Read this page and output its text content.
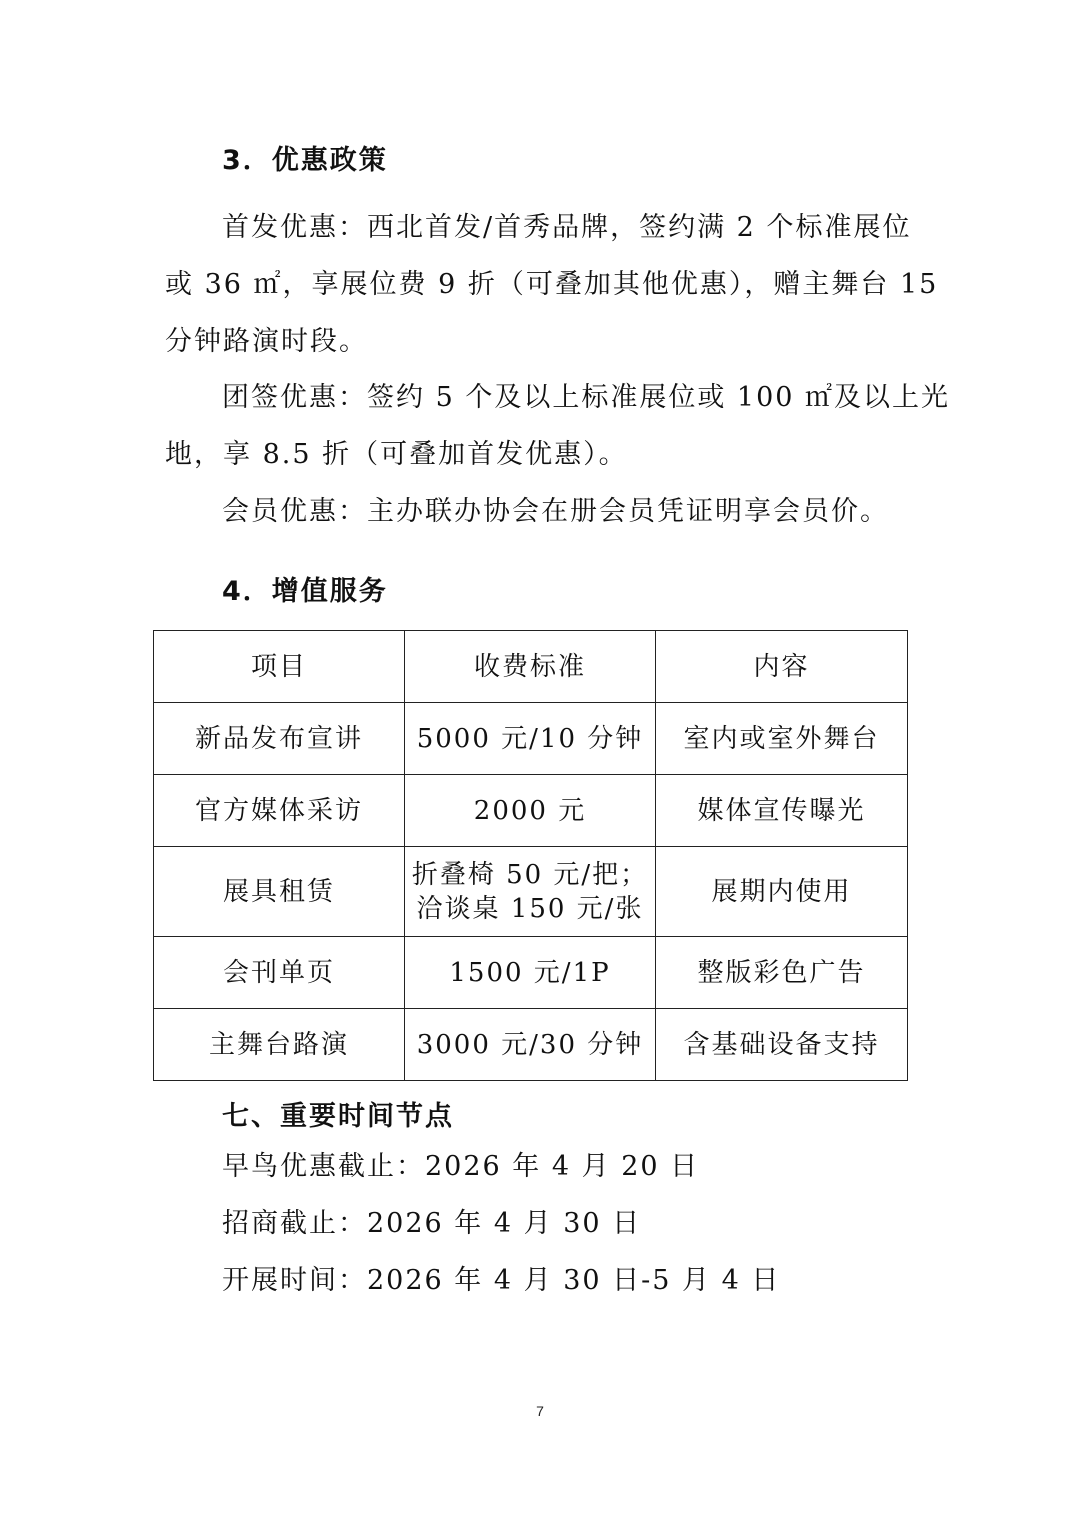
3．优惠政策
首发优惠：西北首发/首秀品牌，签约满 2 个标准展位
或 36 ㎡，享展位费 9 折（可叠加其他优惠），赠主舞台 15
分钟路演时段。
团签优惠：签约 5 个及以上标准展位或 100 ㎡及以上光
地，享 8.5 折（可叠加首发优惠）。
会员优惠：主办联办协会在册会员凭证明享会员价。
4．增值服务
项目	收费标准	内容
新品发布宣讲	5000 元/10 分钟	室内或室外舞台
官方媒体采访	2000 元	媒体宣传曝光
展具租赁	折叠椅 50 元/把；
洽谈桌 150 元/张	展期内使用
会刊单页	1500 元/1P	整版彩色广告
主舞台路演	3000 元/30 分钟	含基础设备支持
七、重要时间节点
早鸟优惠截止：2026 年 4 月 20 日
招商截止：2026 年 4 月 30 日
开展时间：2026 年 4 月 30 日-5 月 4 日
7
